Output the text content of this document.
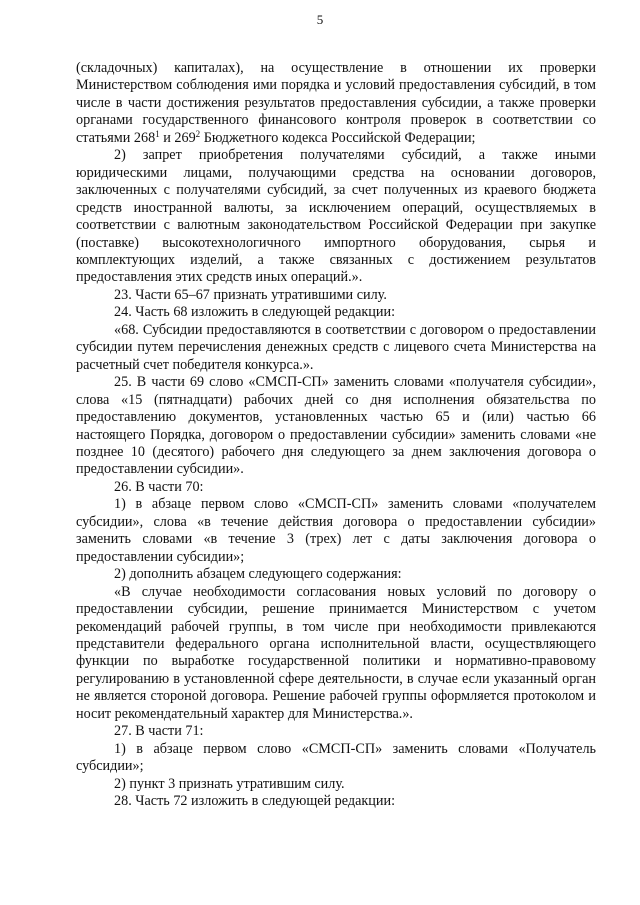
5

(складочных) капиталах), на осуществление в отношении их проверки Министерством соблюдения ими порядка и условий предоставления субсидий, в том числе в части достижения результатов предоставления субсидии, а также проверки органами государственного финансового контроля проверок в соответствии со статьями $268^1$ и $269^2$ Бюджетного кодекса Российской Федерации;

2) запрет приобретения получателями субсидий, а также иными юридическими лицами, получающими средства на основании договоров, заключенных с получателями субсидий, за счет полученных из краевого бюджета средств иностранной валюты, за исключением операций, осуществляемых в соответствии с валютным законодательством Российской Федерации при закупке (поставке) высокотехнологичного импортного оборудования, сырья и комплектующих изделий, а также связанных с достижением результатов предоставления этих средств иных операций.».

23. Части 65–67 признать утратившими силу.

24. Часть 68 изложить в следующей редакции:

«68. Субсидии предоставляются в соответствии с договором о предоставлении субсидии путем перечисления денежных средств с лицевого счета Министерства на расчетный счет победителя конкурса.».

25. В части 69 слово «СМСП-СП» заменить словами «получателя субсидии», слова «15 (пятнадцати) рабочих дней со дня исполнения обязательства по предоставлению документов, установленных частью 65 и (или) частью 66 настоящего Порядка, договором о предоставлении субсидии» заменить словами «не позднее 10 (десятого) рабочего дня следующего за днем заключения договора о предоставлении субсидии».

26. В части 70:

1) в абзаце первом слово «СМСП-СП» заменить словами «получателем субсидии», слова «в течение действия договора о предоставлении субсидии» заменить словами «в течение 3 (трех) лет с даты заключения договора о предоставлении субсидии»;

2) дополнить абзацем следующего содержания:

«В случае необходимости согласования новых условий по договору о предоставлении субсидии, решение принимается Министерством с учетом рекомендаций рабочей группы, в том числе при необходимости привлекаются представители федерального органа исполнительной власти, осуществляющего функции по выработке государственной политики и нормативно-правовому регулированию в установленной сфере деятельности, в случае если указанный орган не является стороной договора. Решение рабочей группы оформляется протоколом и носит рекомендательный характер для Министерства.».

27. В части 71:

1) в абзаце первом слово «СМСП-СП» заменить словами «Получатель субсидии»;

2) пункт 3 признать утратившим силу.

28. Часть 72 изложить в следующей редакции:
